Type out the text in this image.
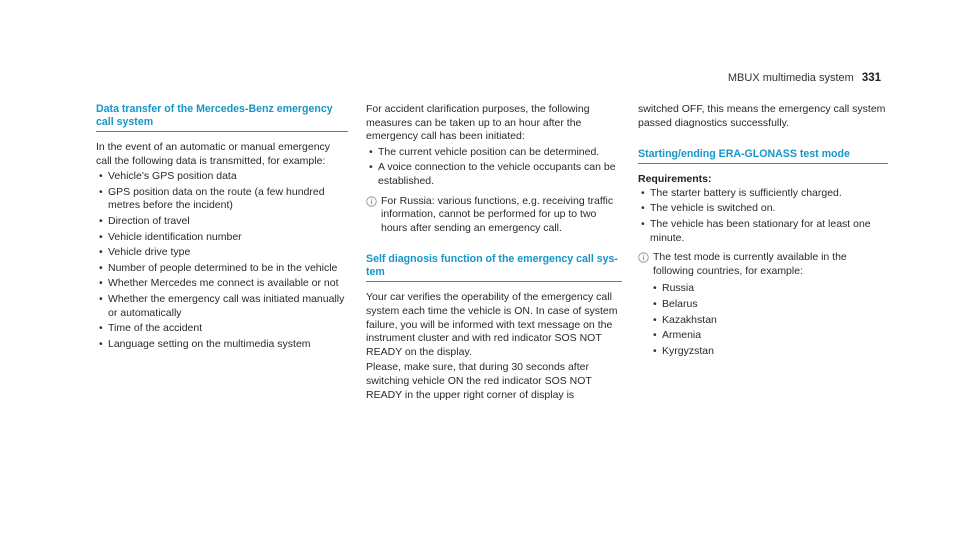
MBUX multimedia system 331
Data transfer of the Mercedes-Benz emergency
call system

In the event of an automatic or manual emergency call the following data is transmitted, for example:

• Vehicle's GPS position data
• GPS position data on the route (a few hundred metres before the incident)
• Direction of travel
• Vehicle identification number
• Vehicle drive type
• Number of people determined to be in the vehicle
• Whether Mercedes me connect is available or not
• Whether the emergency call was initiated manually or automatically
• Time of the accident
• Language setting on the multimedia system

For accident clarification purposes, the following measures can be taken up to an hour after the emergency call has been initiated:

• The current vehicle position can be determined.
• A voice connection to the vehicle occupants can be established.
For Russia: various functions, e.g. receiving traffic information, cannot be performed for up to two hours after sending an emergency call.
Self diagnosis function of the emergency call sys-
tem

Your car verifies the operability of the emergency call system each time the vehicle is ON. In case of system failure, you will be informed with text message on the instrument cluster and with red indicator SOS NOT READY on the display.

Please, make sure, that during 30 seconds after switching vehicle ON the red indicator SOS NOT READY in the upper right corner of display is

switched OFF, this means the emergency call system passed diagnostics successfully.

Starting/ending ERA-GLONASS test mode
Requirements:
• The starter battery is sufficiently charged.
• The vehicle is switched on.
• The vehicle has been stationary for at least one minute.
The test mode is currently available in the following countries, for example:
• Russia
• Belarus
• Kazakhstan
• Armenia
• Kyrgyzstan
